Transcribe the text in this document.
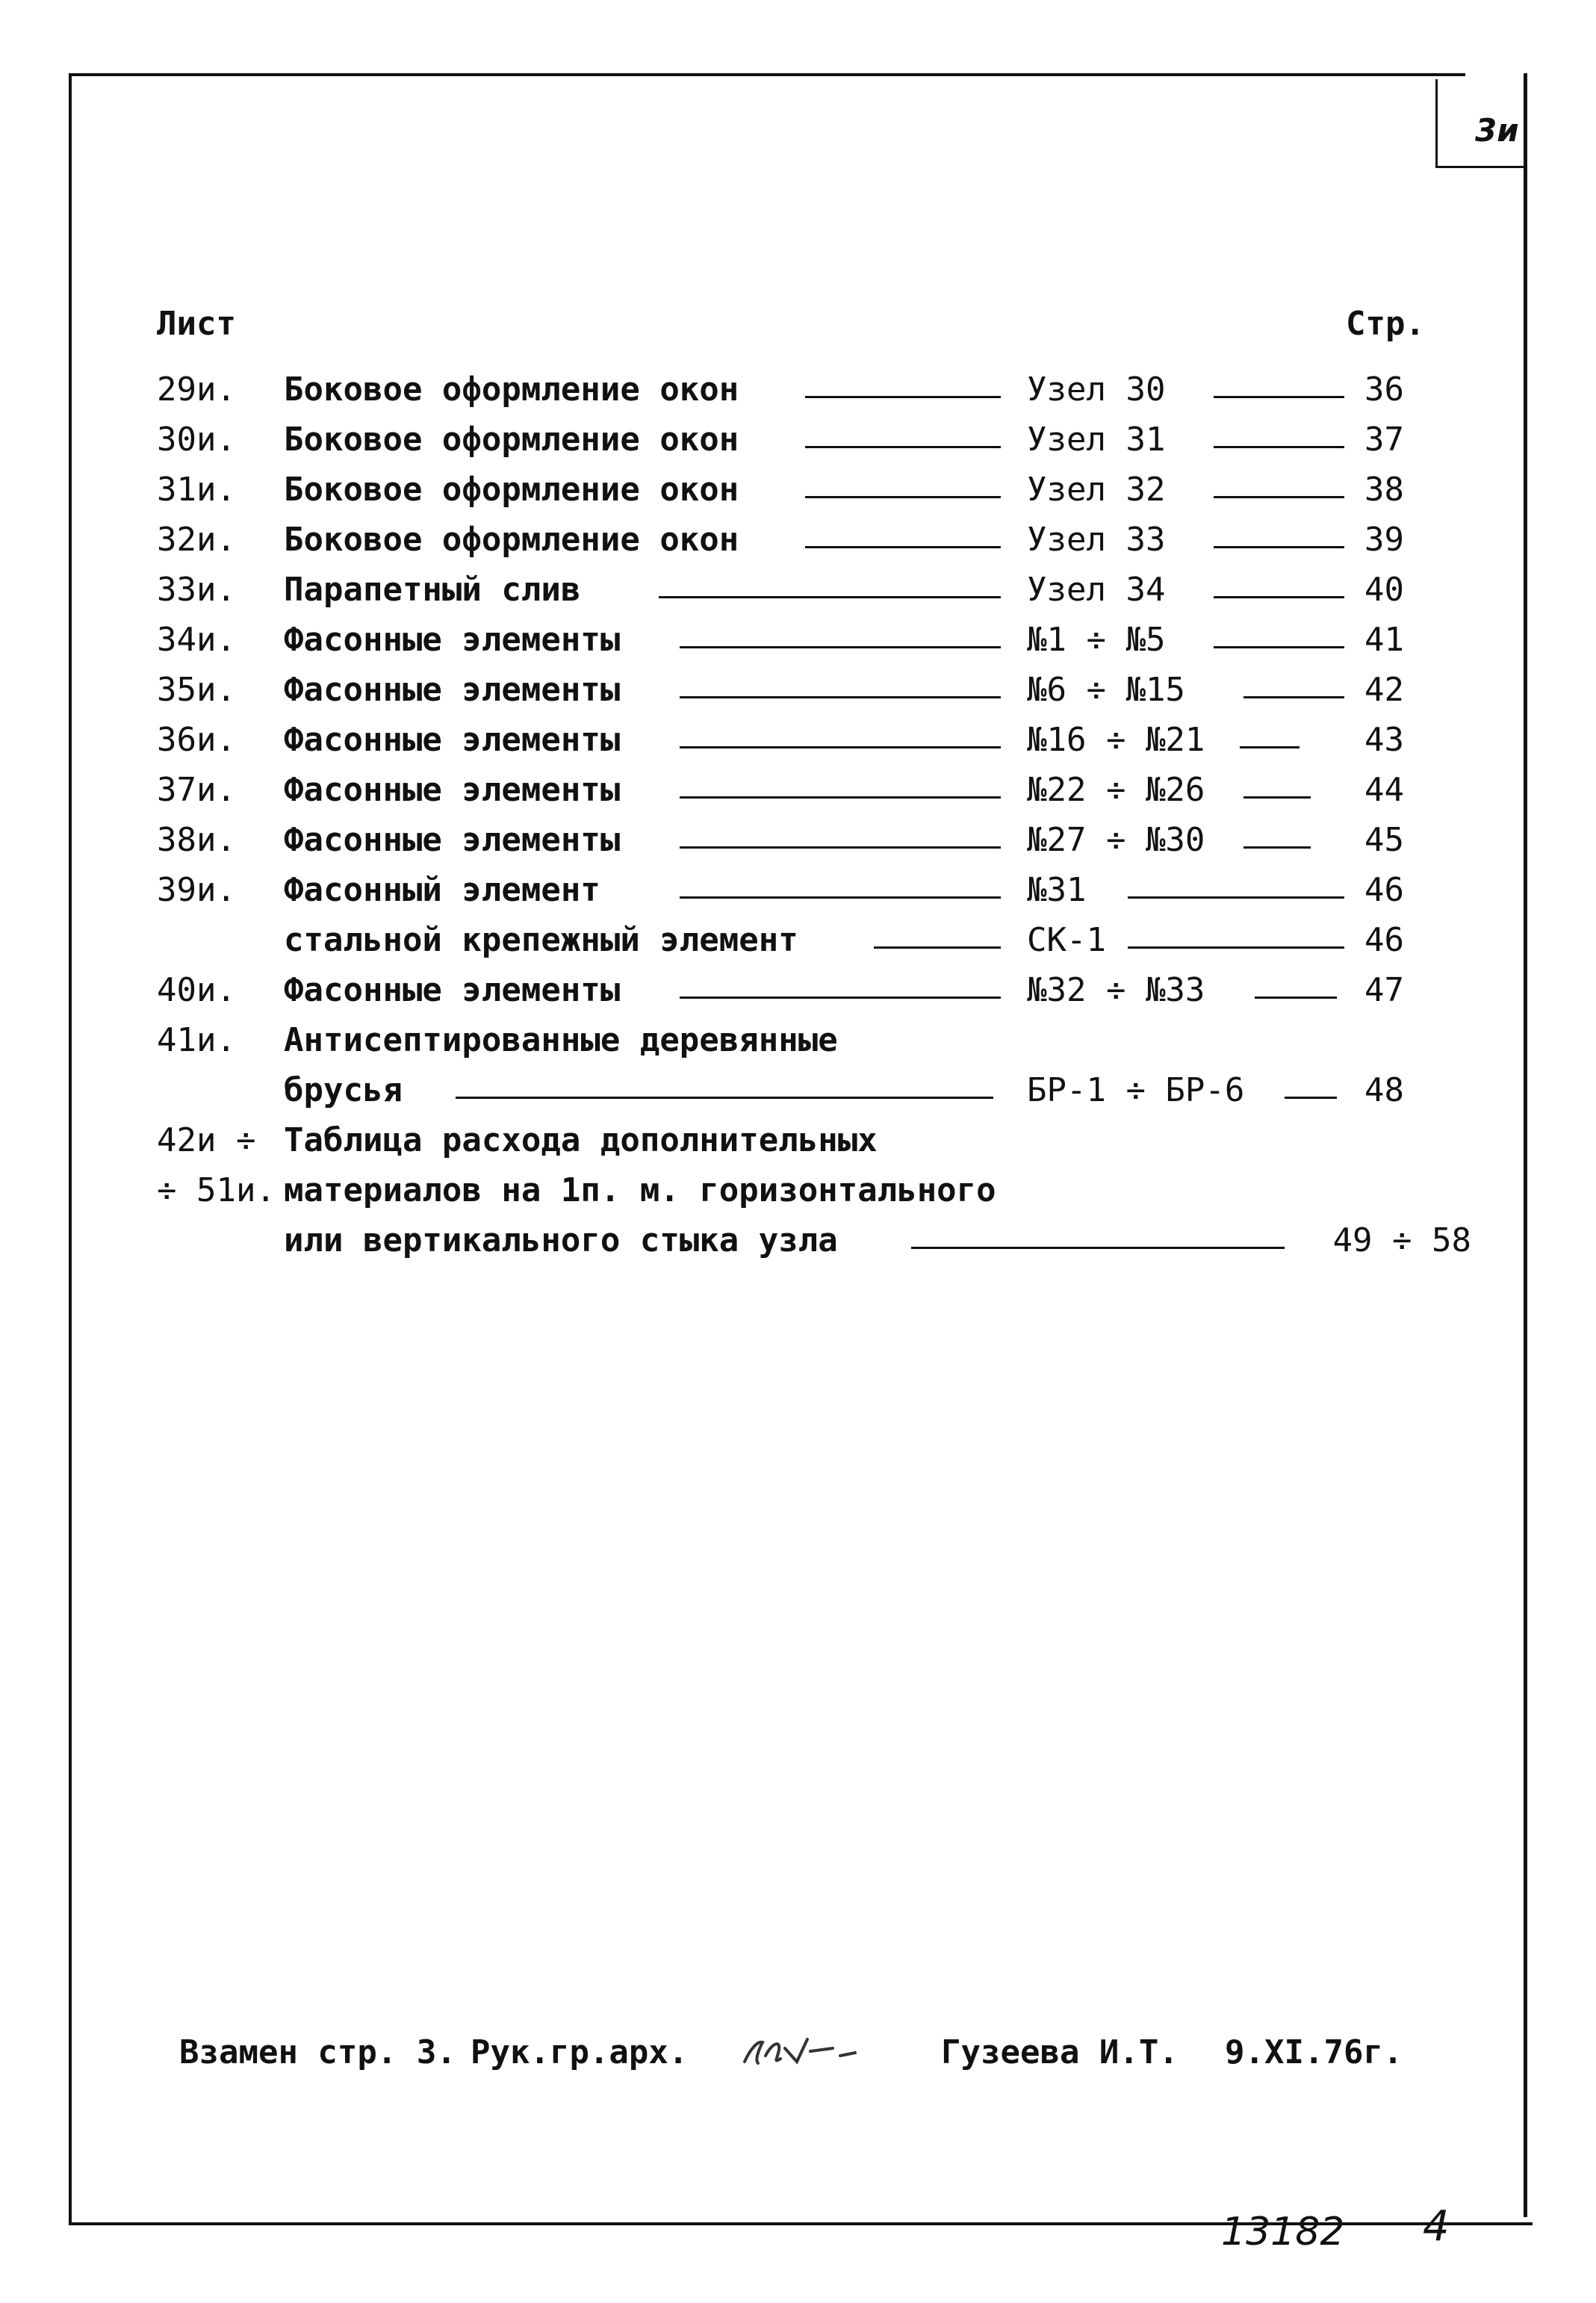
3и
Лист	Стр.
29и. Боковое оформление окон	Узел 30	36
30и. Боковое оформление окон	Узел 31	37
31и. Боковое оформление окон	Узел 32	38
32и. Боковое оформление окон	Узел 33	39
33и. Парапетный слив	Узел 34	40
34и. Фасонные элементы	№1 ÷ №5	41
35и. Фасонные элементы	№6 ÷ №15	42
36и. Фасонные элементы	№16 ÷ №21	43
37и. Фасонные элементы	№22 ÷ №26	44
38и. Фасонные элементы	№27 ÷ №30	45
39и. Фасонный элемент	№31	46
стальной крепежный элемент	СК-1	46
40и. Фасонные элементы	№32 ÷ №33	47
41и. Антисептированные деревянные
брусья	БР-1 ÷ БР-6	48
42и ÷ Таблица расхода дополнительных
÷ 51и. материалов на 1п. м. горизонтального
или вертикального стыка узла	49 ÷ 58
Взамен стр. 3. Рук.гр.арх.	Гузеева И.Т. 9.XI.76г.
13182 4
